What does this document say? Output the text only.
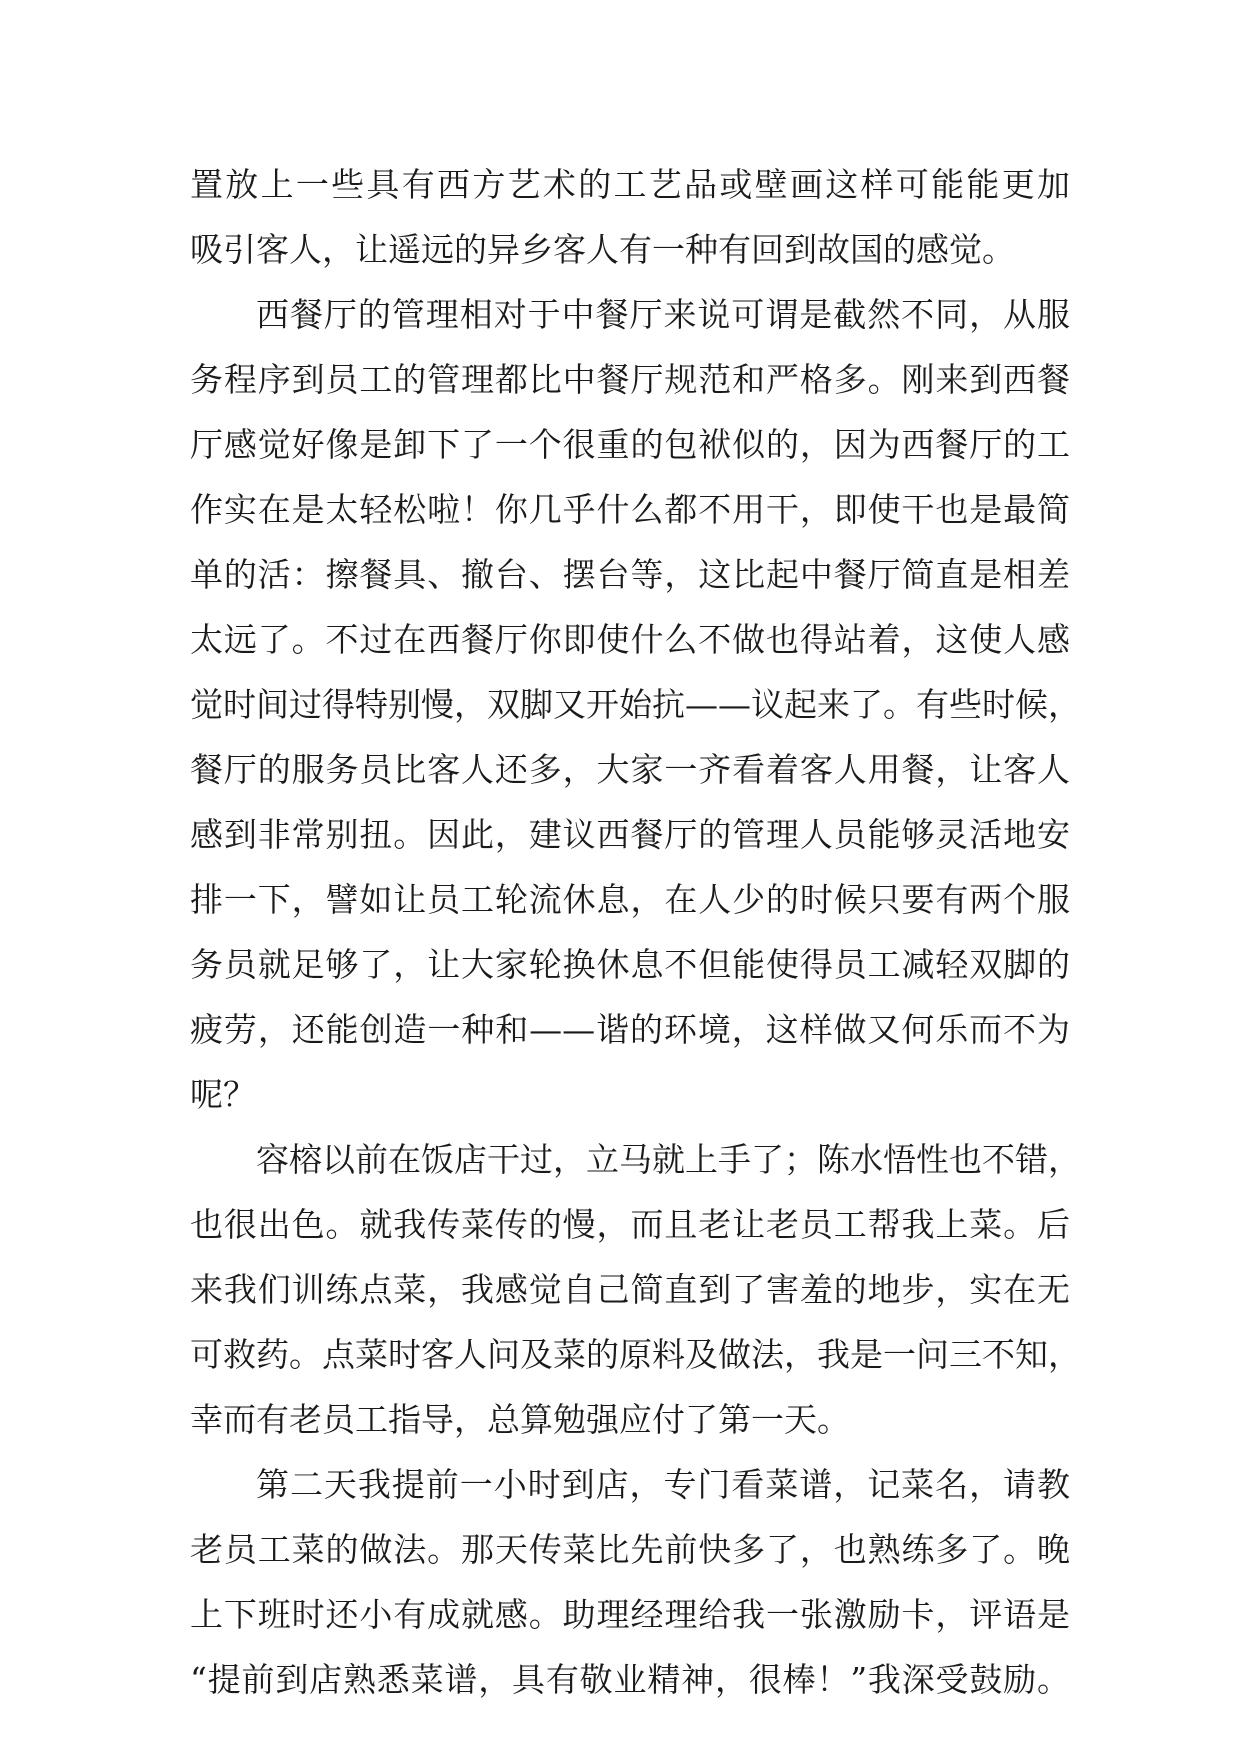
置放上一些具有西方艺术的工艺品或壁画这样可能能更加
吸引客人，让遥远的异乡客人有一种有回到故国的感觉。
西餐厅的管理相对于中餐厅来说可谓是截然不同，从服
务程序到员工的管理都比中餐厅规范和严格多。刚来到西餐
厅感觉好像是卸下了一个很重的包袱似的，因为西餐厅的工
作实在是太轻松啦！你几乎什么都不用干，即使干也是最简
单的活：擦餐具、撤台、摆台等，这比起中餐厅简直是相差
太远了。不过在西餐厅你即使什么不做也得站着，这使人感
觉时间过得特别慢，双脚又开始抗——议起来了。有些时候，
餐厅的服务员比客人还多，大家一齐看着客人用餐，让客人
感到非常别扭。因此，建议西餐厅的管理人员能够灵活地安
排一下，譬如让员工轮流休息，在人少的时候只要有两个服
务员就足够了，让大家轮换休息不但能使得员工减轻双脚的
疲劳，还能创造一种和——谐的环境，这样做又何乐而不为
呢？
容榕以前在饭店干过，立马就上手了；陈水悟性也不错，
也很出色。就我传菜传的慢，而且老让老员工帮我上菜。后
来我们训练点菜，我感觉自己简直到了害羞的地步，实在无
可救药。点菜时客人问及菜的原料及做法，我是一问三不知，
幸而有老员工指导，总算勉强应付了第一天。
第二天我提前一小时到店，专门看菜谱，记菜名，请教
老员工菜的做法。那天传菜比先前快多了，也熟练多了。晚
上下班时还小有成就感。助理经理给我一张激励卡，评语是
“提前到店熟悉菜谱，具有敬业精神，很棒！”我深受鼓励。
